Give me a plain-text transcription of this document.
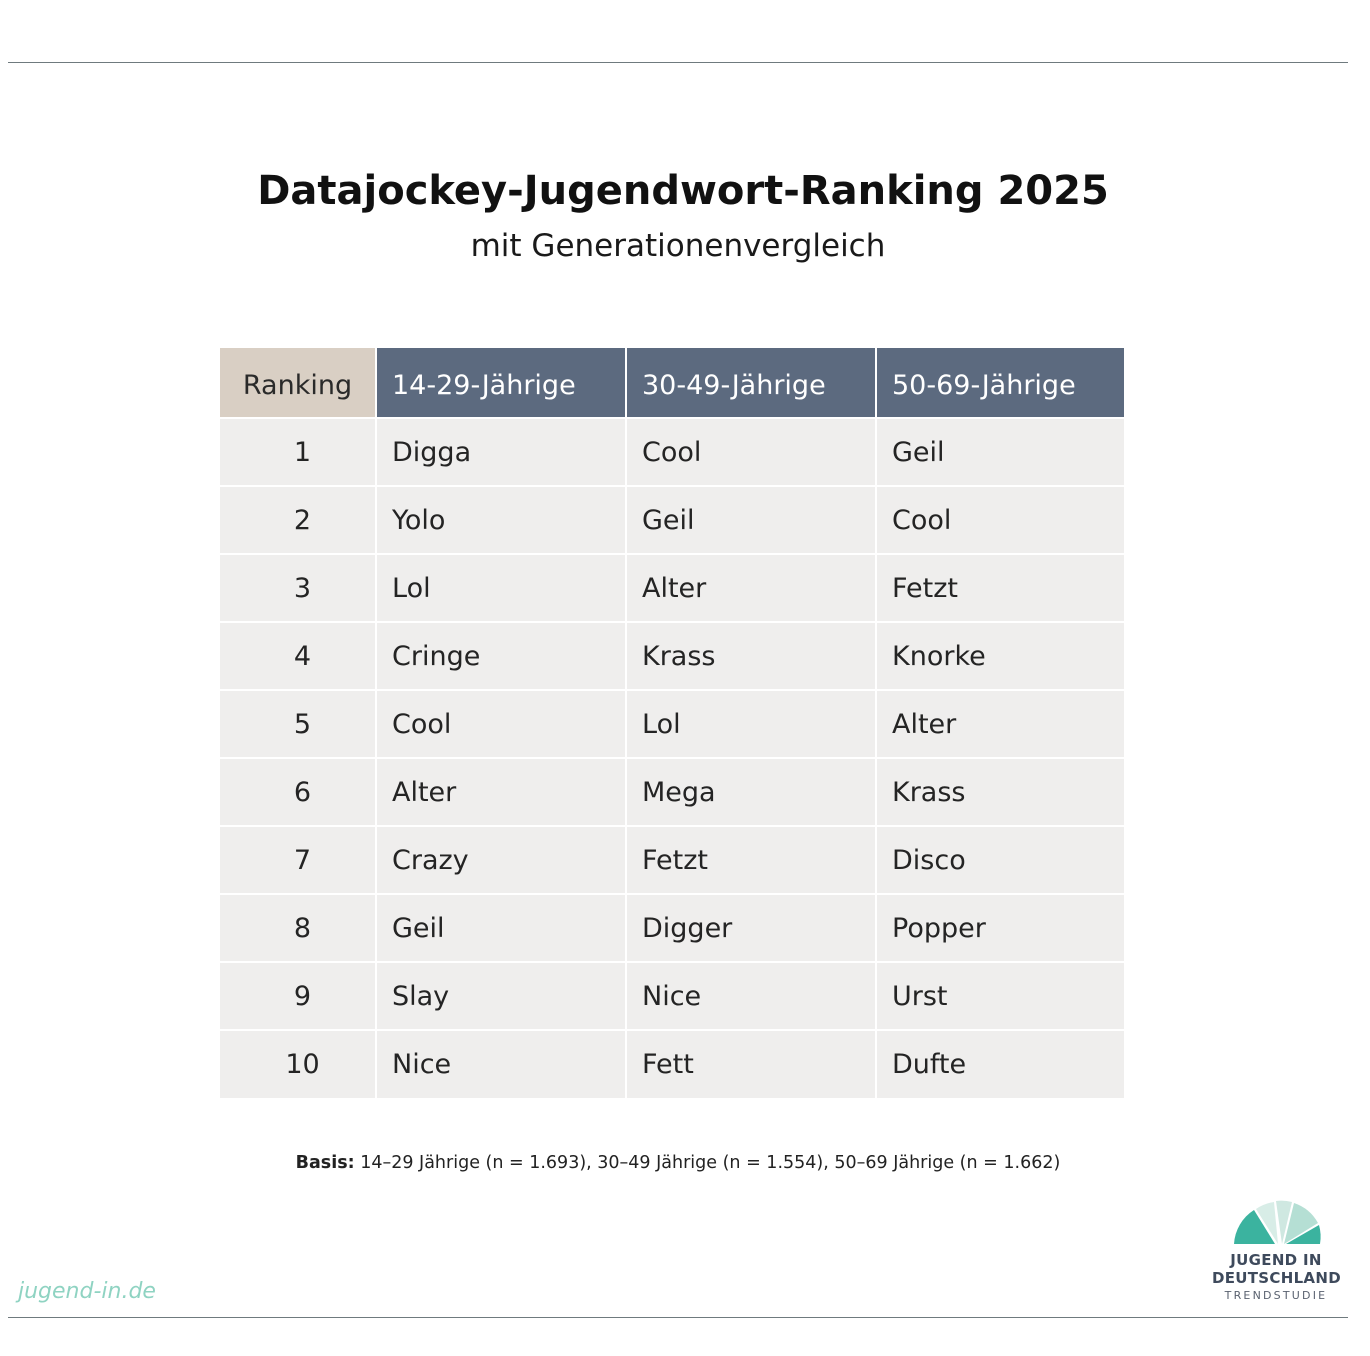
Datajockey-Jugendwort-Ranking 2025
mit Generationenvergleich
Ranking	14-29-Jährige	30-49-Jährige	50-69-Jährige
1	Digga	Cool	Geil
2	Yolo	Geil	Cool
3	Lol	Alter	Fetzt
4	Cringe	Krass	Knorke
5	Cool	Lol	Alter
6	Alter	Mega	Krass
7	Crazy	Fetzt	Disco
8	Geil	Digger	Popper
9	Slay	Nice	Urst
10	Nice	Fett	Dufte
Basis: 14–29 Jährige (n = 1.693), 30–49 Jährige (n = 1.554), 50–69 Jährige (n = 1.662)
jugend-in.de
JUGEND IN
DEUTSCHLAND
TRENDSTUDIE
